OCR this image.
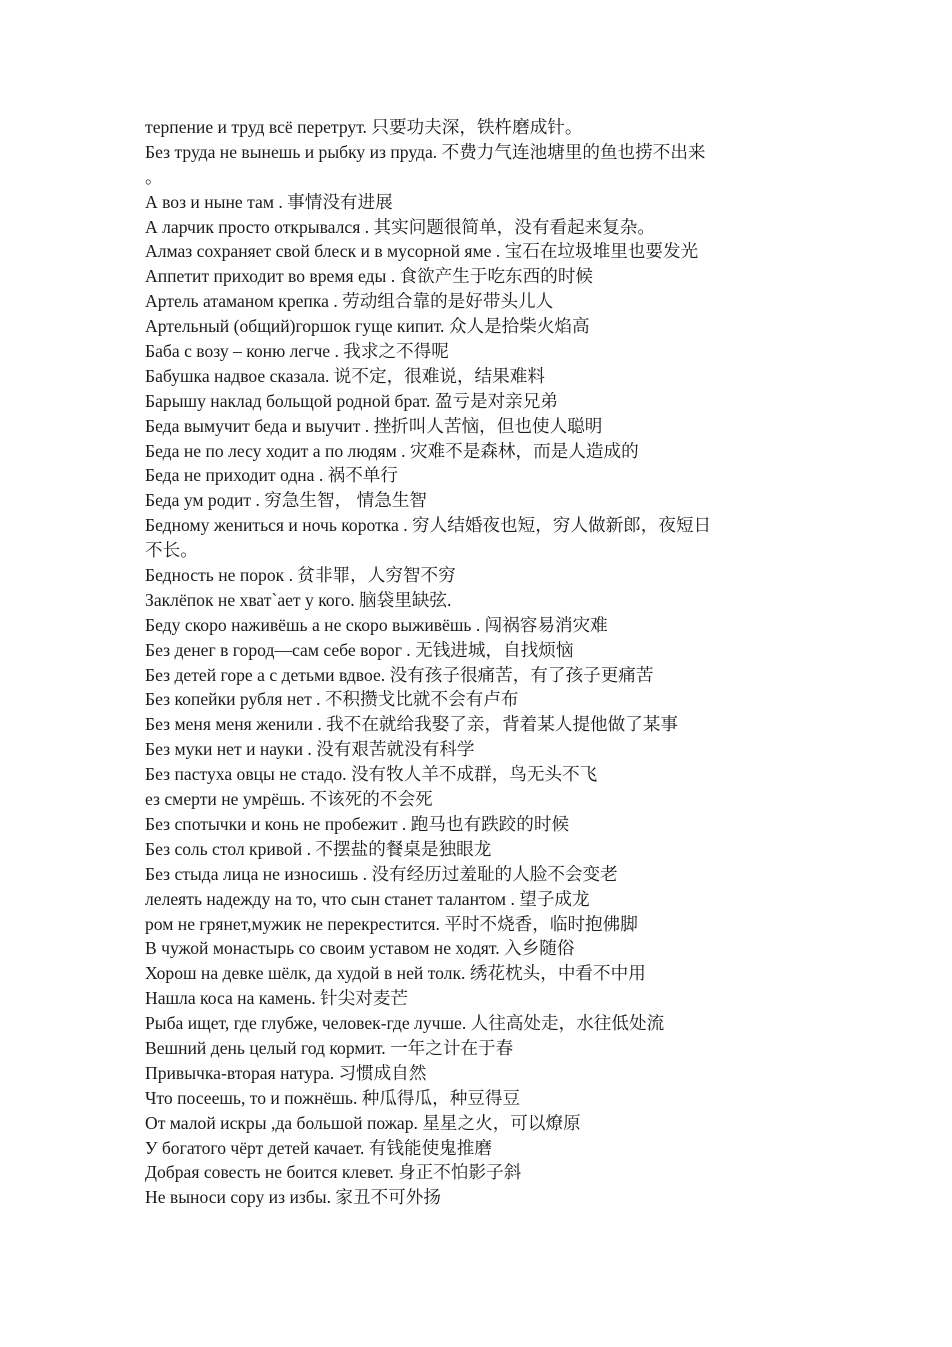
терпение и труд всё перетрут. 只要功夫深，铁杵磨成针。
Без труда не вынешь и рыбку из пруда. 不费力气连池塘里的鱼也捞不出来
。
А воз и ныне там . 事情没有进展
А ларчик просто открывался . 其实问题很简单，没有看起来复杂。
Алмаз сохраняет свой блеск и в мусорной яме . 宝石在垃圾堆里也要发光
Аппетит приходит во время еды . 食欲产生于吃东西的时候
Артель атаманом крепка . 劳动组合靠的是好带头儿人
Артельный (общий)горшок гуще кипит. 众人是拾柴火焰高
Баба с возу – коню легче . 我求之不得呢
Бабушка надвое сказала. 说不定，很难说，结果难料
Барышу наклад больщой родной брат. 盈亏是对亲兄弟
Беда вымучит беда и выучит . 挫折叫人苦恼，但也使人聪明
Беда не по лесу ходит а по людям . 灾难不是森林，而是人造成的
Беда не приходит одна . 祸不单行
Беда ум родит . 穷急生智， 情急生智
Бедному жениться и ночь коротка . 穷人结婚夜也短，穷人做新郎，夜短日
不长。
Бедность не порок . 贫非罪，人穷智不穷
Заклёпок не хват`ает у кого. 脑袋里缺弦.
Беду скоро наживёшь а не скоро выживёшь . 闯祸容易消灾难
Без денег в город—сам себе ворог . 无钱进城，自找烦恼
Без детей горе а с детьми вдвое. 没有孩子很痛苦，有了孩子更痛苦
Без копейки рубля нет . 不积攒戈比就不会有卢布
Без меня меня женили . 我不在就给我娶了亲，背着某人提他做了某事
Без муки нет и науки . 没有艰苦就没有科学
Без пастуха овцы не стадо. 没有牧人羊不成群，鸟无头不飞
ез смерти не умрёшь. 不该死的不会死
Без спотычки и конь не пробежит . 跑马也有跌跤的时候
Без соль стол кривой . 不摆盐的餐桌是独眼龙
Без стыда лица не износишь . 没有经历过羞耻的人脸不会变老
лелеять надежду на то, что сын станет талантом . 望子成龙
ром не грянет,мужик не перекрестится. 平时不烧香，临时抱佛脚
В чужой монастырь со своим уставом не ходят. 入乡随俗
Хорош на девке шёлк, да худой в ней толк. 绣花枕头，中看不中用
Нашла коса на камень. 针尖对麦芒
Рыба ищет, где глубже, человек-где лучше. 人往高处走，水往低处流
Вешний день целый год кормит. 一年之计在于春
Привычка-вторая натура. 习惯成自然
Что посеешь, то и пожнёшь. 种瓜得瓜，种豆得豆
От малой искры ,да большой пожар. 星星之火，可以燎原
У богатого чёрт детей качает. 有钱能使鬼推磨
Добрая совесть не боится клевет. 身正不怕影子斜
Не выноси сору из избы. 家丑不可外扬
